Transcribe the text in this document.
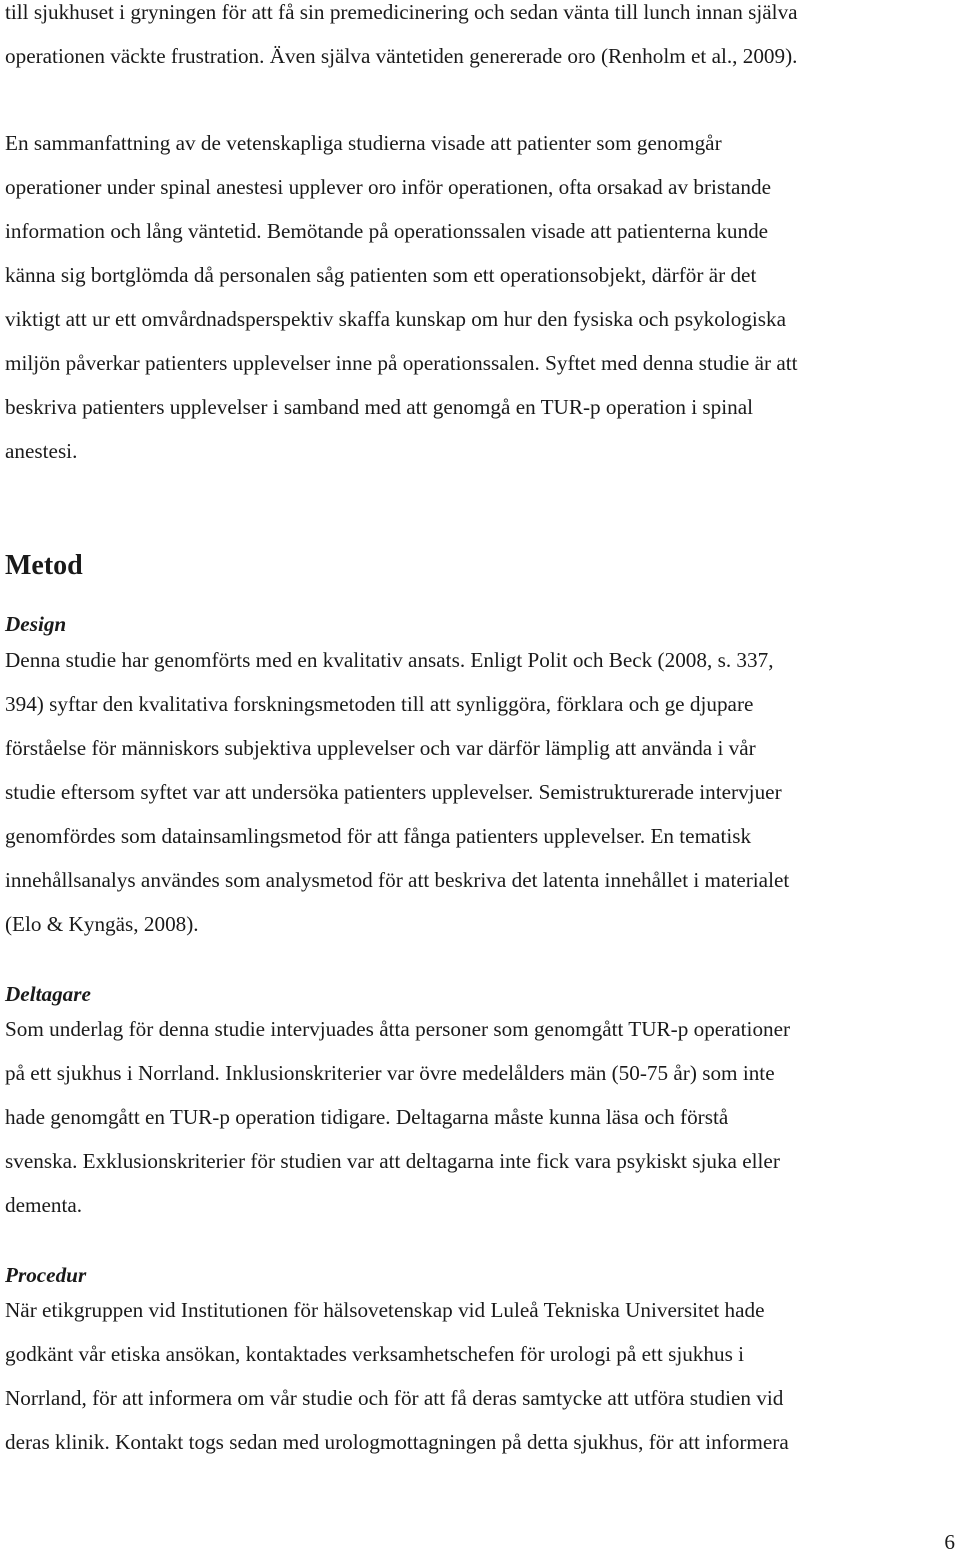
till sjukhuset i gryningen för att få sin premedicinering och sedan vänta till lunch innan själva

operationen väckte frustration. Även själva väntetiden genererade oro (Renholm et al., 2009).

En sammanfattning av de vetenskapliga studierna visade att patienter som genomgår

operationer under spinal anestesi upplever oro inför operationen, ofta orsakad av bristande

information och lång väntetid. Bemötande på operationssalen visade att patienterna kunde

känna sig bortglömda då personalen såg patienten som ett operationsobjekt, därför är det

viktigt att ur ett omvårdnadsperspektiv skaffa kunskap om hur den fysiska och psykologiska

miljön påverkar patienters upplevelser inne på operationssalen. Syftet med denna studie är att

beskriva patienters upplevelser i samband med att genomgå en TUR-p operation i spinal

anestesi.

Metod
Design

Denna studie har genomförts med en kvalitativ ansats. Enligt Polit och Beck (2008, s. 337,

394) syftar den kvalitativa forskningsmetoden till att synliggöra, förklara och ge djupare

förståelse för människors subjektiva upplevelser och var därför lämplig att använda i vår

studie eftersom syftet var att undersöka patienters upplevelser. Semistrukturerade intervjuer

genomfördes som datainsamlingsmetod för att fånga patienters upplevelser. En tematisk

innehållsanalys användes som analysmetod för att beskriva det latenta innehållet i materialet

(Elo & Kyngäs, 2008).

Deltagare

Som underlag för denna studie intervjuades åtta personer som genomgått TUR-p operationer

på ett sjukhus i Norrland. Inklusionskriterier var övre medelålders män (50-75 år) som inte

hade genomgått en TUR-p operation tidigare. Deltagarna måste kunna läsa och förstå

svenska. Exklusionskriterier för studien var att deltagarna inte fick vara psykiskt sjuka eller

dementa.

Procedur

När etikgruppen vid Institutionen för hälsovetenskap vid Luleå Tekniska Universitet hade

godkänt vår etiska ansökan, kontaktades verksamhetschefen för urologi på ett sjukhus i

Norrland, för att informera om vår studie och för att få deras samtycke att utföra studien vid

deras klinik. Kontakt togs sedan med urologmottagningen på detta sjukhus, för att informera

6
